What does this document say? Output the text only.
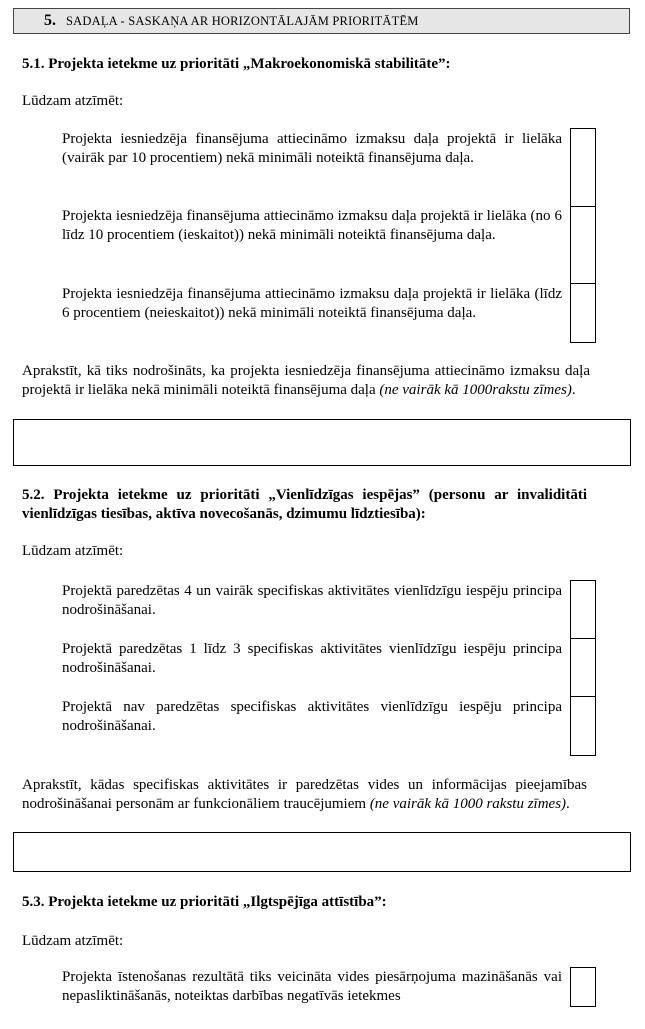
5. SADAĻA - SASKAŅA AR HORIZONTĀLAJĀM PRIORITĀTĒM
5.1. Projekta ietekme uz prioritāti „Makroekonomiskā stabilitāte”:
Lūdzam atzīmēt:
Projekta iesniedzēja finansējuma attiecināmo izmaksu daļa projektā ir lielāka (vairāk par 10 procentiem) nekā minimāli noteiktā finansējuma daļa.
Projekta iesniedzēja finansējuma attiecināmo izmaksu daļa projektā ir lielāka (no 6 līdz 10 procentiem (ieskaitot)) nekā minimāli noteiktā finansējuma daļa.
Projekta iesniedzēja finansējuma attiecināmo izmaksu daļa projektā ir lielāka (līdz 6 procentiem (neieskaitot)) nekā minimāli noteiktā finansējuma daļa.
Aprakstīt, kā tiks nodrošināts, ka projekta iesniedzēja finansējuma attiecināmo izmaksu daļa projektā ir lielāka nekā minimāli noteiktā finansējuma daļa (ne vairāk kā 1000rakstu zīmes).
5.2. Projekta ietekme uz prioritāti „Vienlīdzīgas iespējas” (personu ar invaliditāti vienlīdzīgas tiesības, aktīva novecošanās, dzimumu līdztiesība):
Lūdzam atzīmēt:
Projektā paredzētas 4 un vairāk specifiskas aktivitātes vienlīdzīgu iespēju principa nodrošināšanai.
Projektā paredzētas 1 līdz 3 specifiskas aktivitātes vienlīdzīgu iespēju principa nodrošināšanai.
Projektā nav paredzētas specifiskas aktivitātes vienlīdzīgu iespēju principa nodrošināšanai.
Aprakstīt, kādas specifiskas aktivitātes ir paredzētas vides un informācijas pieejamības nodrošināšanai personām ar funkcionāliem traucējumiem (ne vairāk kā 1000 rakstu zīmes).
5.3. Projekta ietekme uz prioritāti „Ilgtspējīga attīstība”:
Lūdzam atzīmēt:
Projekta īstenošanas rezultātā tiks veicināta vides piesārņojuma mazināšanās vai nepasliktināšanās, noteiktas darbības negatīvās ietekmes
